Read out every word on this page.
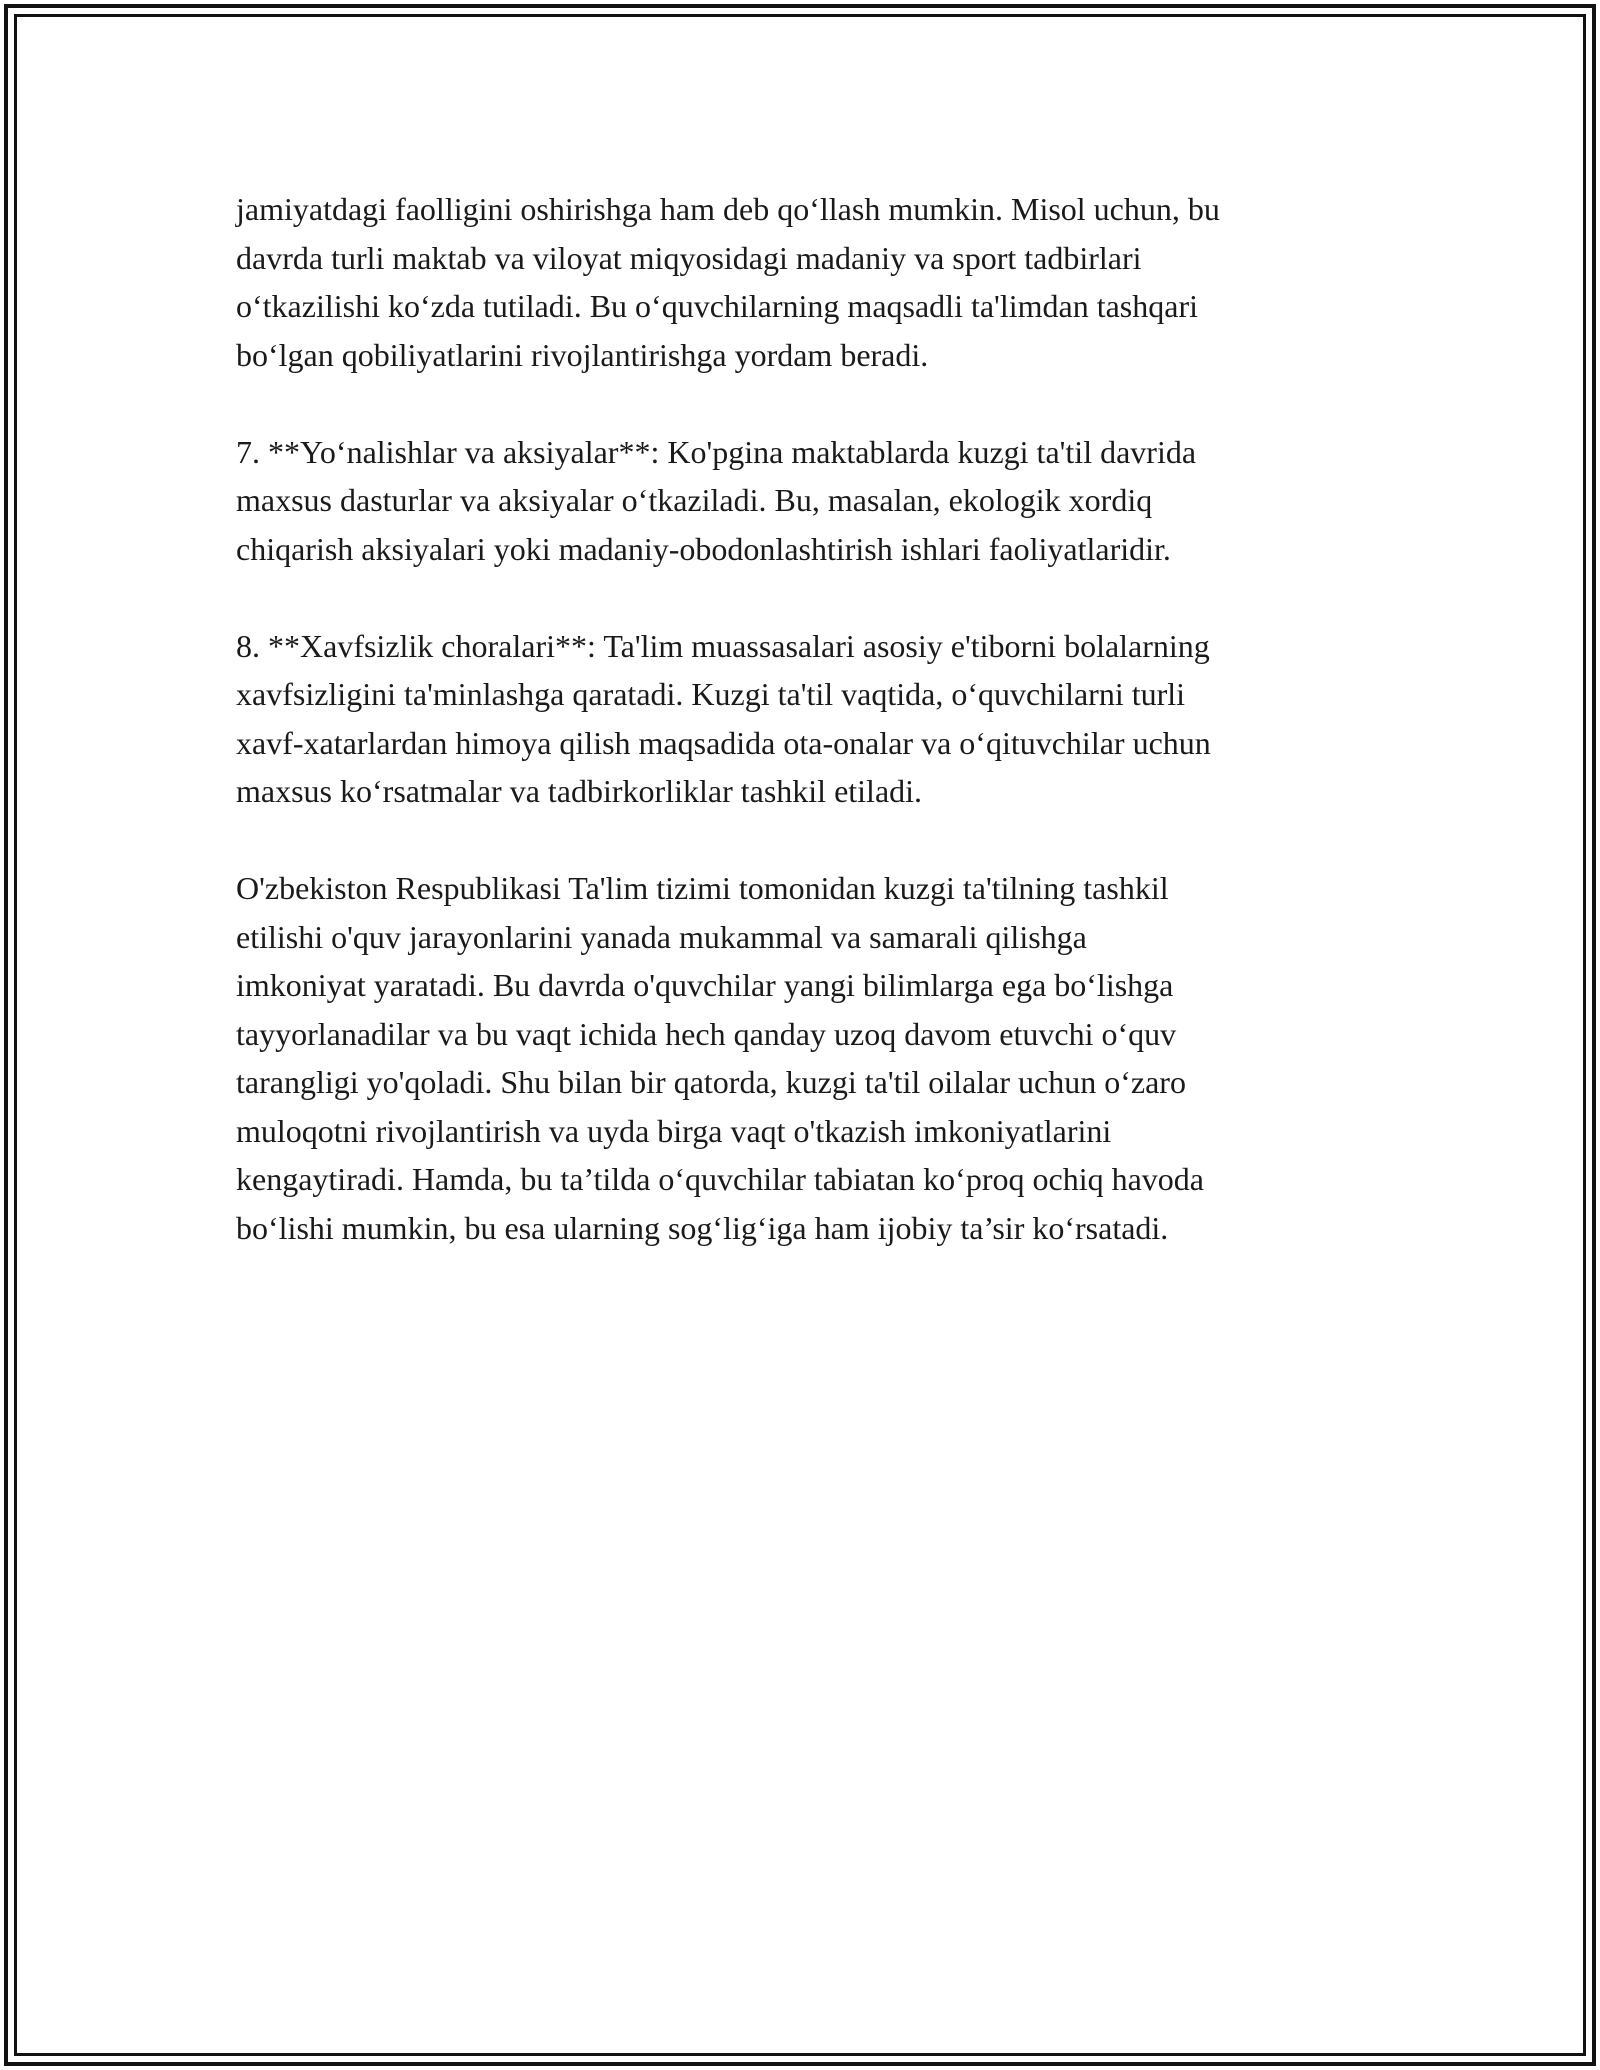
jamiyatdagi faolligini oshirishga ham deb qo‘llash mumkin. Misol uchun, bu
davrda turli maktab va viloyat miqyosidagi madaniy va sport tadbirlari
o‘tkazilishi ko‘zda tutiladi. Bu o‘quvchilarning maqsadli ta'limdan tashqari
bo‘lgan qobiliyatlarini rivojlantirishga yordam beradi.

7. **Yo‘nalishlar va aksiyalar**: Ko'pgina maktablarda kuzgi ta'til davrida
maxsus dasturlar va aksiyalar o‘tkaziladi. Bu, masalan, ekologik xordiq
chiqarish aksiyalari yoki madaniy-obodonlashtirish ishlari faoliyatlaridir.

8. **Xavfsizlik choralari**: Ta'lim muassasalari asosiy e'tiborni bolalarning
xavfsizligini ta'minlashga qaratadi. Kuzgi ta'til vaqtida, o‘quvchilarni turli
xavf-xatarlardan himoya qilish maqsadida ota-onalar va o‘qituvchilar uchun
maxsus ko‘rsatmalar va tadbirkorliklar tashkil etiladi.

O'zbekiston Respublikasi Ta'lim tizimi tomonidan kuzgi ta'tilning tashkil
etilishi o'quv jarayonlarini yanada mukammal va samarali qilishga
imkoniyat yaratadi. Bu davrda o'quvchilar yangi bilimlarga ega bo‘lishga
tayyorlanadilar va bu vaqt ichida hech qanday uzoq davom etuvchi o‘quv
tarangligi yo'qoladi. Shu bilan bir qatorda, kuzgi ta'til oilalar uchun o‘zaro
muloqotni rivojlantirish va uyda birga vaqt o'tkazish imkoniyatlarini
kengaytiradi. Hamda, bu ta’tilda o‘quvchilar tabiatan ko‘proq ochiq havoda
bo‘lishi mumkin, bu esa ularning sog‘lig‘iga ham ijobiy ta’sir ko‘rsatadi.
